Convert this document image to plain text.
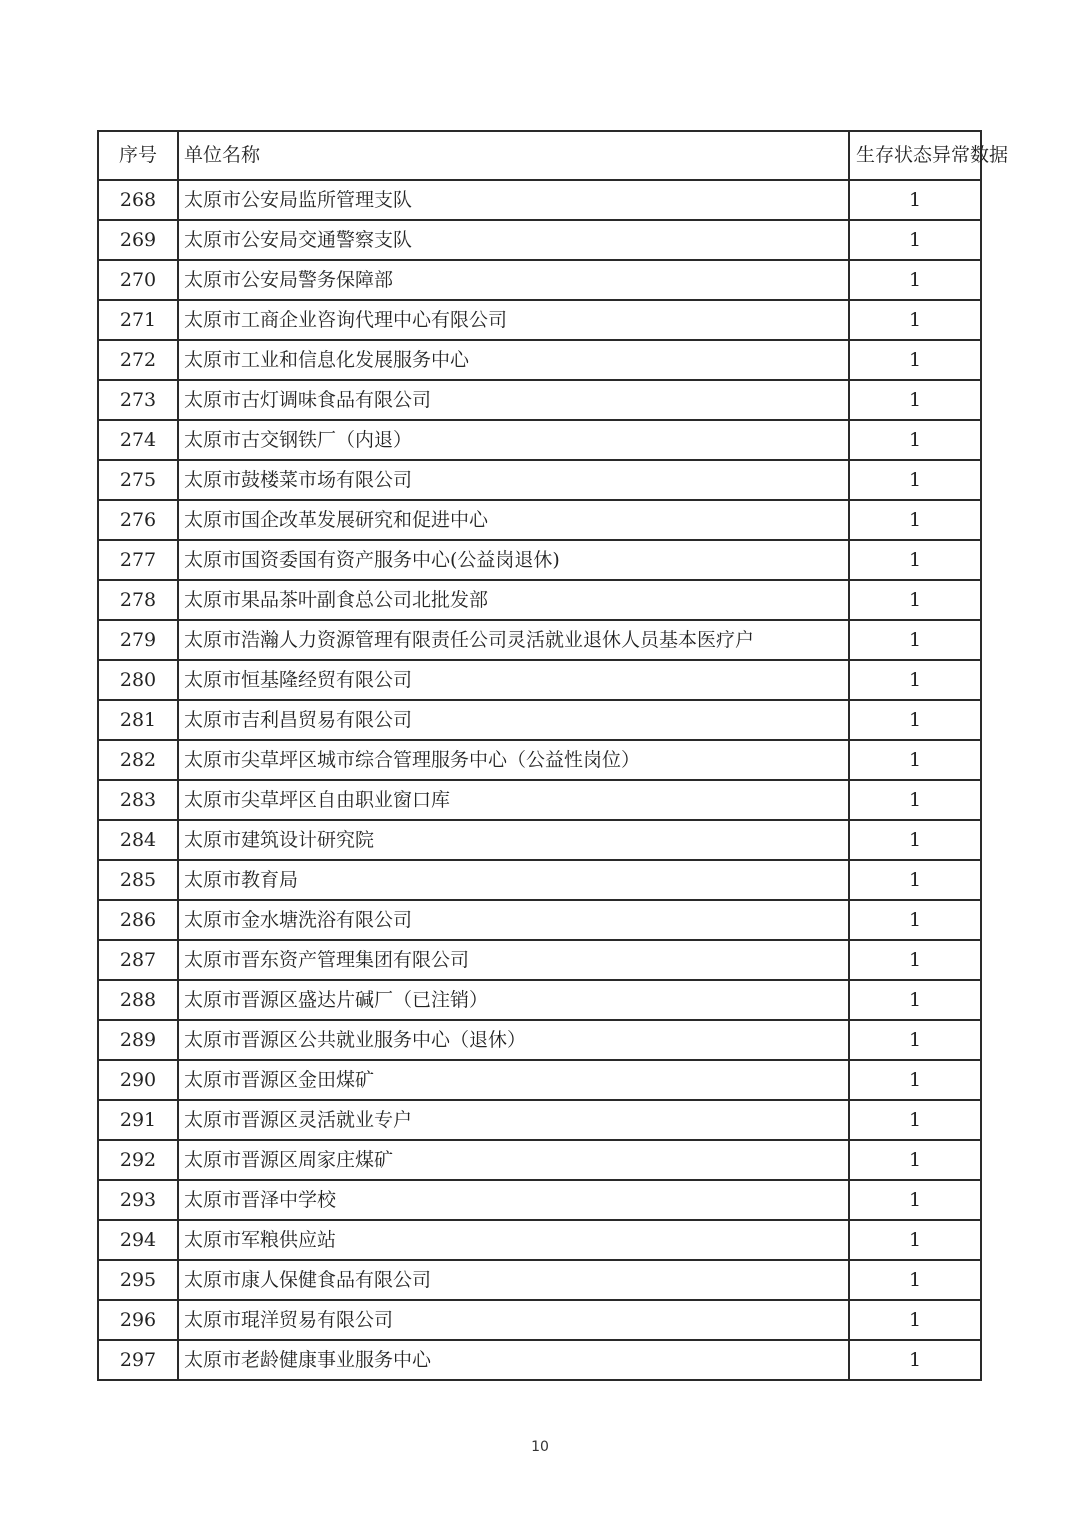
序号	单位名称	生存状态异常数据
268	太原市公安局监所管理支队	1
269	太原市公安局交通警察支队	1
270	太原市公安局警务保障部	1
271	太原市工商企业咨询代理中心有限公司	1
272	太原市工业和信息化发展服务中心	1
273	太原市古灯调味食品有限公司	1
274	太原市古交钢铁厂（内退）	1
275	太原市鼓楼菜市场有限公司	1
276	太原市国企改革发展研究和促进中心	1
277	太原市国资委国有资产服务中心(公益岗退休)	1
278	太原市果品茶叶副食总公司北批发部	1
279	太原市浩瀚人力资源管理有限责任公司灵活就业退休人员基本医疗户	1
280	太原市恒基隆经贸有限公司	1
281	太原市吉利昌贸易有限公司	1
282	太原市尖草坪区城市综合管理服务中心（公益性岗位）	1
283	太原市尖草坪区自由职业窗口库	1
284	太原市建筑设计研究院	1
285	太原市教育局	1
286	太原市金水塘洗浴有限公司	1
287	太原市晋东资产管理集团有限公司	1
288	太原市晋源区盛达片碱厂（已注销）	1
289	太原市晋源区公共就业服务中心（退休）	1
290	太原市晋源区金田煤矿	1
291	太原市晋源区灵活就业专户	1
292	太原市晋源区周家庄煤矿	1
293	太原市晋泽中学校	1
294	太原市军粮供应站	1
295	太原市康人保健食品有限公司	1
296	太原市琨洋贸易有限公司	1
297	太原市老龄健康事业服务中心	1
10
